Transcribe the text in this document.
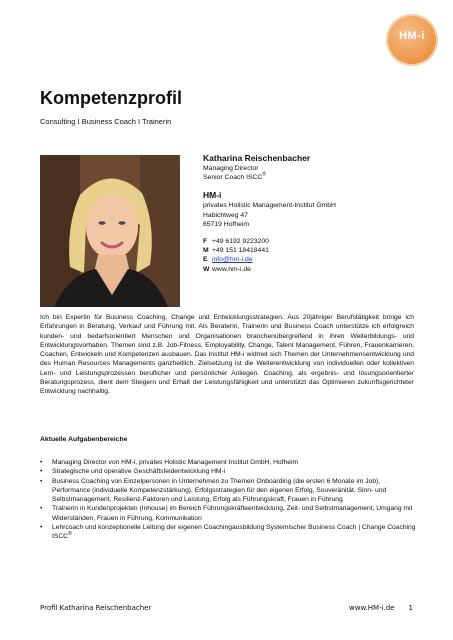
HM-i
Kompetenzprofil
Consulting I Business Coach I Trainerin
Katharina Reischenbacher
Managing Director
Senior Coach ISCC®
HM-i
privates Holistic Management-Institut GmbH
Habichtweg 47
65719 Hofheim
F +49 6192 9223200
M +49 151 18418441
E info@hm-i.de
W www.hm-i.de

Ich bin Expertin für Business Coaching, Change und Entwicklungsstrategien. Aus 20jähriger Berufstätigkeit bringe ich Erfahrungen in Beratung, Verkauf und Führung mit. Als Beraterin, Trainerin und Business Coach unterstütze ich erfolgreich kunden- und bedarfsorientiert Menschen und Organisationen branchenübergreifend in ihren Weiterbildungs- und Entwicklungsvorhaben. Themen sind z.B. Job-Fitness, Employability, Change, Talent Management, Führen, Frauenkarrieren, Coachen, Entwickeln und Kompetenzen ausbauen. Das Institut HM-i widmet sich Themen der Unternehmensentwicklung und des Human Resources Managements ganzheitlich. Zielsetzung ist die Weiterentwicklung von individuellen oder kollektiven Lern- und Leistungsprozessen beruflicher und persönlicher Anliegen. Coaching, als ergebnis- und lösungsorientierter Beratungsprozess, dient dem Steigern und Erhalt der Leistungsfähigkeit und unterstützt das Optimieren zukunftsgerichteter Entwicklung nachhaltig.

Aktuelle Aufgabenbereiche
• Managing Director von HM-i, privates Holistic Management Institut GmbH, Hofheim
• Strategische und operative Geschäftsfeldentwicklung HM-i
• Business Coaching von Einzelpersonen in Unternehmen zu Themen Onboarding (die ersten 6 Monate im Job), Performance (individuelle Kompetenzstärkung), Erfolgsstrategien für den eigenen Erfolg, Souveränität, Sinn- und Selbstmanagement, Resilienz-Faktoren und Leistung, Erfolg als Führungskraft, Frauen in Führung
• Trainerin in Kundenprojekten (Inhouse) im Bereich Führungskräfteentwicklung, Zeit- und Selbstmanagement, Umgang mit Widerständen, Frauen in Führung, Kommunikation
• Lehrcoach und konzeptionelle Leitung der eigenen Coachingausbildung Systemischer Business Coach | Change Coaching ISCC®
Profil Katharina Reischenbacher	www.HM-i.de 1
